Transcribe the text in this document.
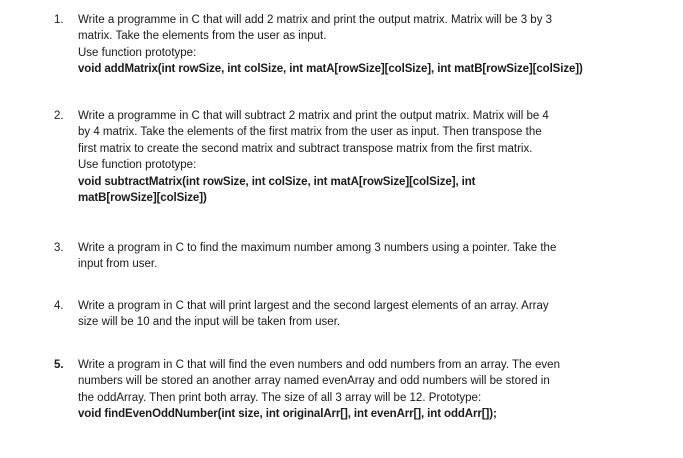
1.	Write a programme in C that will add 2 matrix and print the output matrix. Matrix will be 3 by 3
matrix. Take the elements from the user as input.
Use function prototype:
void addMatrix(int rowSize, int colSize, int matA[rowSize][colSize], int matB[rowSize][colSize])
2.	Write a programme in C that will subtract 2 matrix and print the output matrix. Matrix will be 4
by 4 matrix. Take the elements of the first matrix from the user as input. Then transpose the
first matrix to create the second matrix and subtract transpose matrix from the first matrix.
Use function prototype:
void subtractMatrix(int rowSize, int colSize, int matA[rowSize][colSize], int
matB[rowSize][colSize])
3.	Write a program in C to find the maximum number among 3 numbers using a pointer. Take the
input from user.
4.	Write a program in C that will print largest and the second largest elements of an array. Array
size will be 10 and the input will be taken from user.
5.	Write a program in C that will find the even numbers and odd numbers from an array. The even
numbers will be stored an another array named evenArray and odd numbers will be stored in
the oddArray. Then print both array. The size of all 3 array will be 12. Prototype:
void findEvenOddNumber(int size, int originalArr[], int evenArr[], int oddArr[]);
